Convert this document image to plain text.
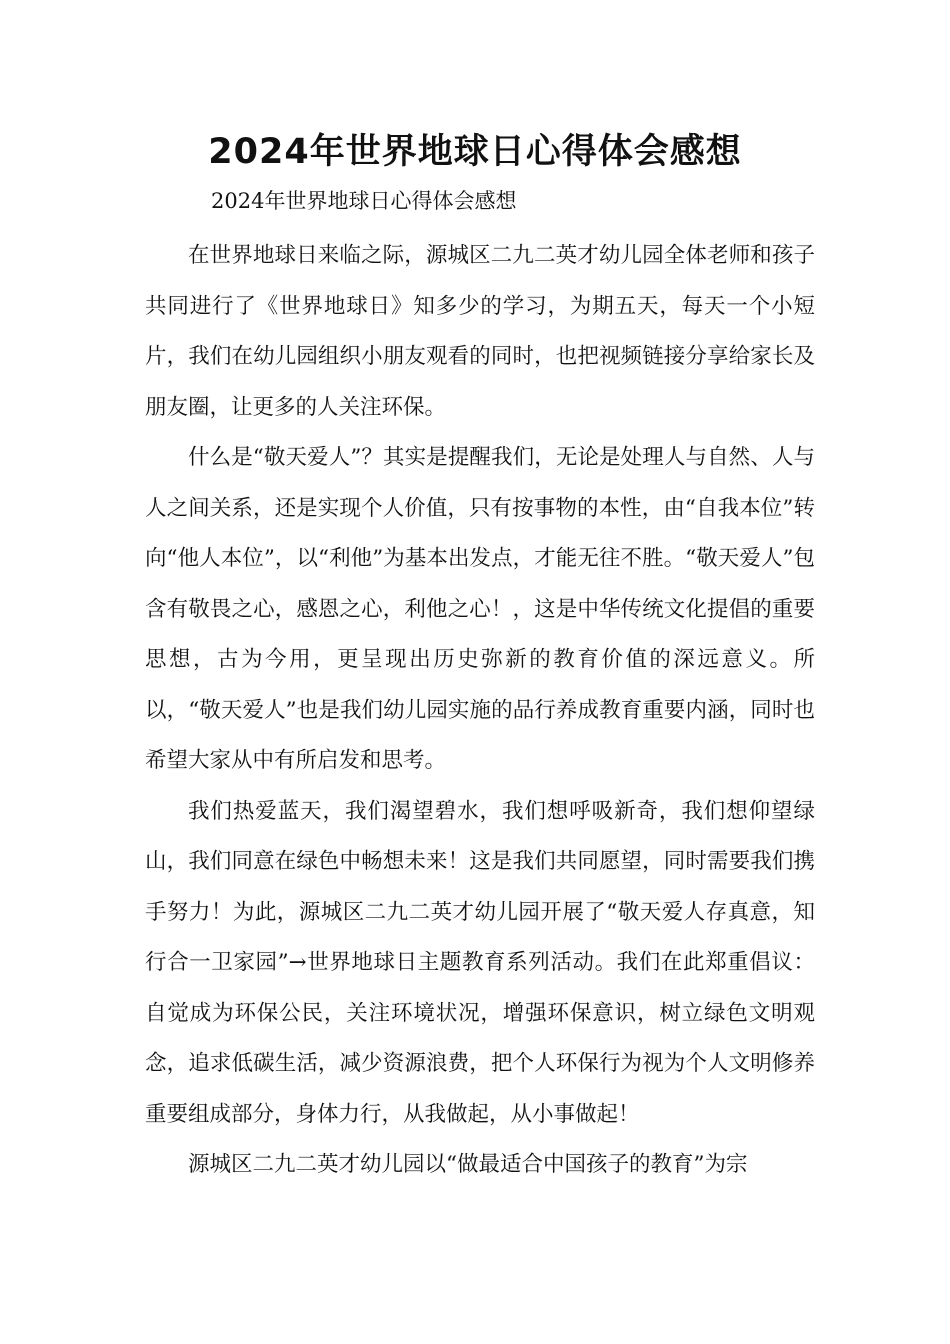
2024年世界地球日心得体会感想

2024年世界地球日心得体会感想

在世界地球日来临之际，源城区二九二英才幼儿园全体老师和孩子共同进行了《世界地球日》知多少的学习，为期五天，每天一个小短片，我们在幼儿园组织小朋友观看的同时，也把视频链接分享给家长及朋友圈，让更多的人关注环保。

什么是“敬天爱人”？其实是提醒我们，无论是处理人与自然、人与人之间关系，还是实现个人价值，只有按事物的本性，由“自我本位”转向“他人本位”，以“利他”为基本出发点，才能无往不胜。“敬天爱人”包含有敬畏之心，感恩之心，利他之心！，这是中华传统文化提倡的重要思想，古为今用，更呈现出历史弥新的教育价值的深远意义。所以，“敬天爱人”也是我们幼儿园实施的品行养成教育重要内涵，同时也希望大家从中有所启发和思考。

我们热爱蓝天，我们渴望碧水，我们想呼吸新奇，我们想仰望绿山，我们同意在绿色中畅想未来！这是我们共同愿望，同时需要我们携手努力！为此，源城区二九二英才幼儿园开展了“敬天爱人存真意，知行合一卫家园”→世界地球日主题教育系列活动。我们在此郑重倡议：自觉成为环保公民，关注环境状况，增强环保意识，树立绿色文明观念，追求低碳生活，减少资源浪费，把个人环保行为视为个人文明修养重要组成部分，身体力行，从我做起，从小事做起！

源城区二九二英才幼儿园以“做最适合中国孩子的教育”为宗
